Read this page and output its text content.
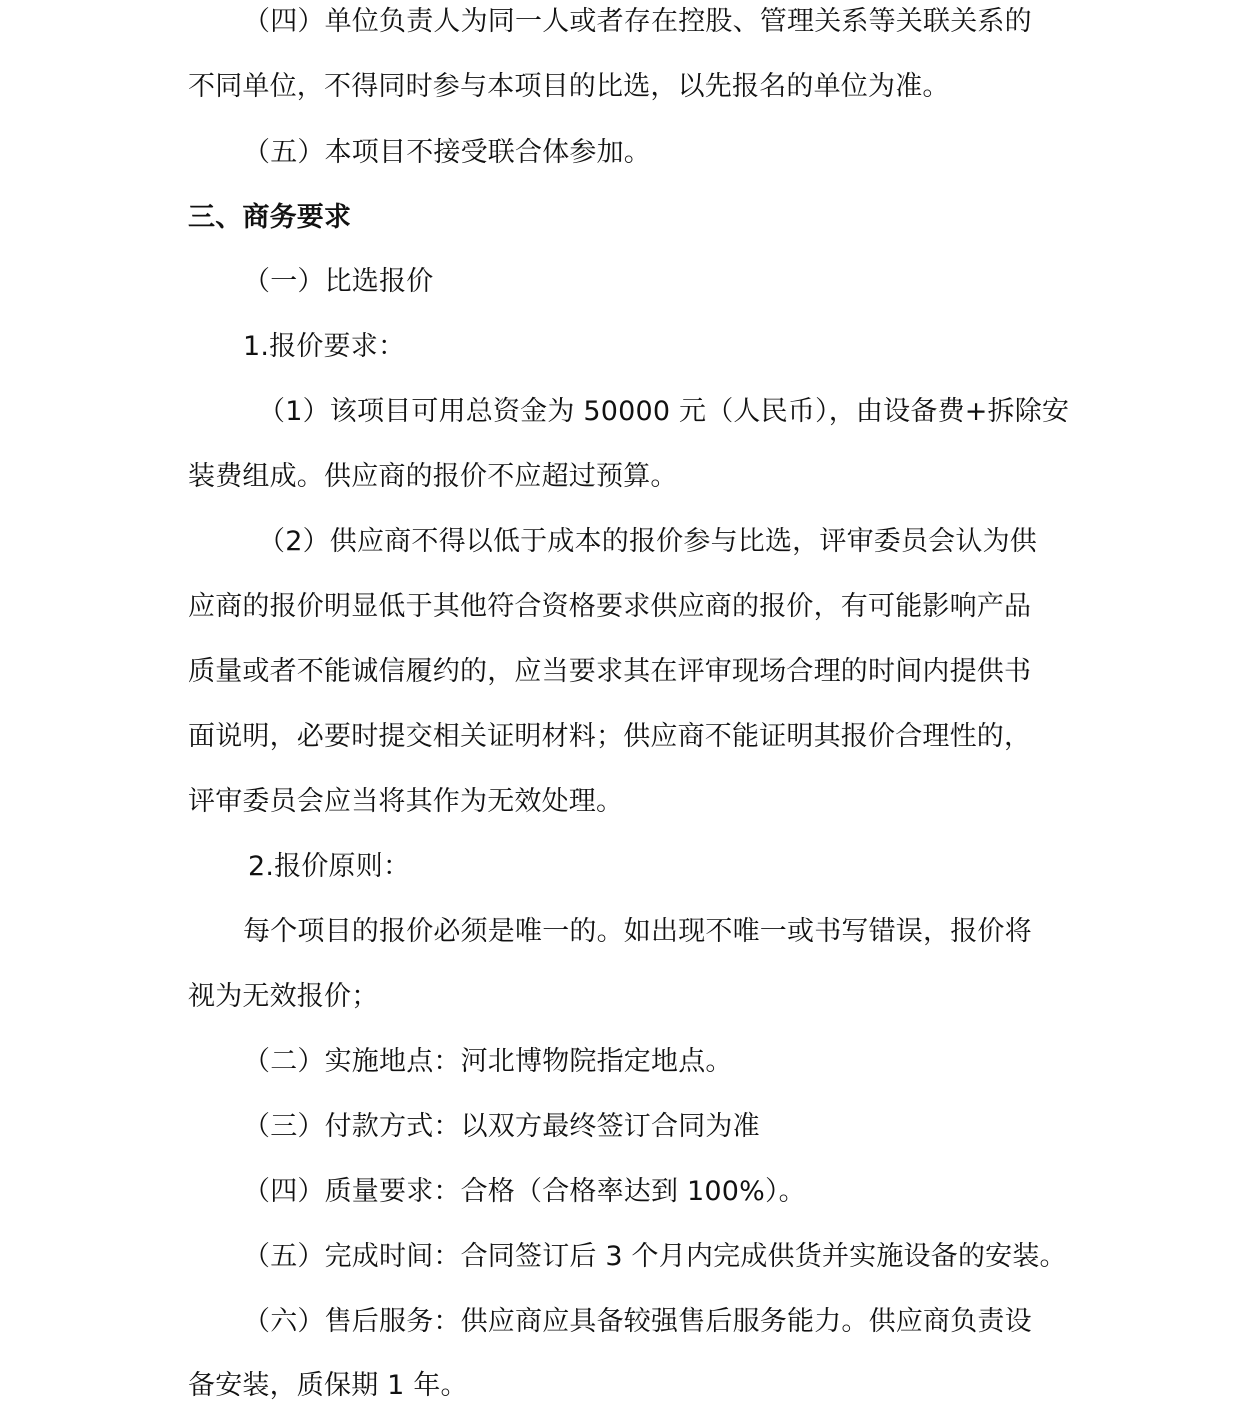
（四）单位负责人为同一人或者存在控股、管理关系等关联关系的

不同单位，不得同时参与本项目的比选，以先报名的单位为准。

（五）本项目不接受联合体参加。

三、商务要求

（一）比选报价

1.报价要求：

（1）该项目可用总资金为 50000 元（人民币），由设备费+拆除安

装费组成。供应商的报价不应超过预算。

（2）供应商不得以低于成本的报价参与比选，评审委员会认为供

应商的报价明显低于其他符合资格要求供应商的报价，有可能影响产品

质量或者不能诚信履约的，应当要求其在评审现场合理的时间内提供书

面说明，必要时提交相关证明材料；供应商不能证明其报价合理性的，

评审委员会应当将其作为无效处理。

2.报价原则：

每个项目的报价必须是唯一的。如出现不唯一或书写错误，报价将

视为无效报价；

（二）实施地点：河北博物院指定地点。

（三）付款方式：以双方最终签订合同为准

（四）质量要求：合格（合格率达到 100%）。

（五）完成时间：合同签订后 3 个月内完成供货并实施设备的安装。

（六）售后服务：供应商应具备较强售后服务能力。供应商负责设

备安装，质保期 1 年。
